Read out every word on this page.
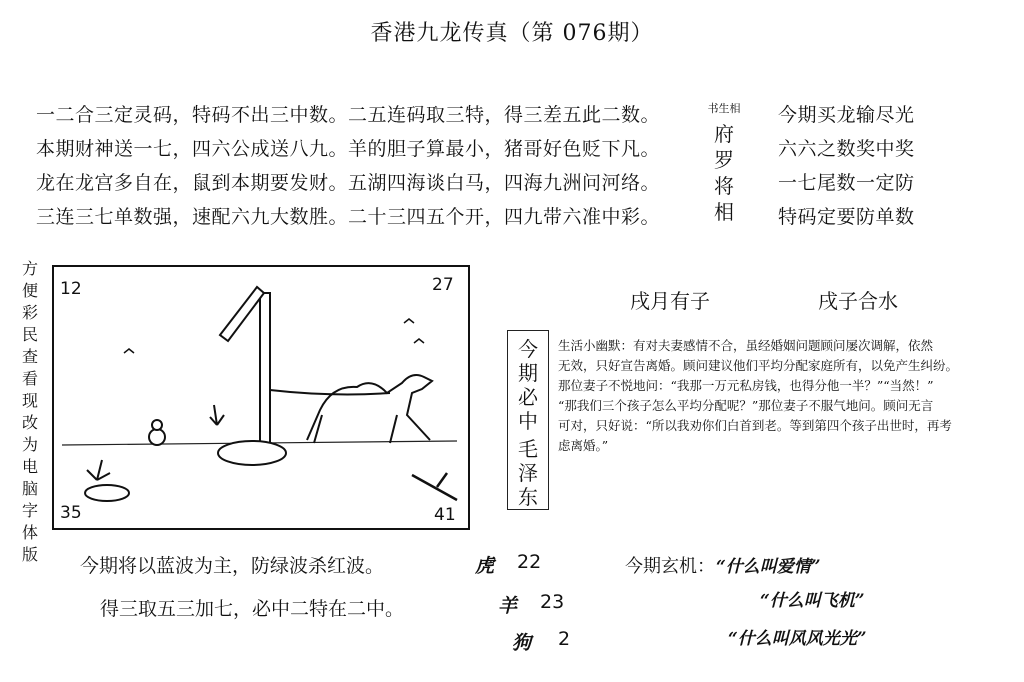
香港九龙传真（第 076期）
一二合三定灵码，特码不出三中数。二五连码取三特，得三差五此二数。
本期财神送一七，四六公成送八九。羊的胆子算最小，猪哥好色贬下凡。
龙在龙宫多自在，鼠到本期要发财。五湖四海谈白马，四海九洲问河络。
三连三七单数强，速配六九大数胜。二十三四五个开，四九带六准中彩。
书生相
府
罗
将
相
今期买龙输尽光
六六之数奖中奖
一七尾数一定防
特码定要防单数
方
便
彩
民
查
看
现
改
为
电
脑
字
体
版
12	27
35	41
戌月有子	戌子合水
今
期
必
中
毛
泽
东

生活小幽默：有对夫妻感情不合，虽经婚姻问题顾问屡次调解，依然

无效，只好宣告离婚。顾问建议他们平均分配家庭所有，以免产生纠纷。

那位妻子不悦地问：“我那一万元私房钱，也得分他一半？”“当然！”

“那我们三个孩子怎么平均分配呢？”那位妻子不服气地问。顾问无言

可对，只好说：“所以我劝你们白首到老。等到第四个孩子出世时，再考

虑离婚。”

今期将以蓝波为主，防绿波杀红波。
得三取五三加七，必中二特在二中。
虎 22
羊 23
狗 2
今期玄机： “什么叫爱情”
“什么叫飞机”
“什么叫风风光光”
